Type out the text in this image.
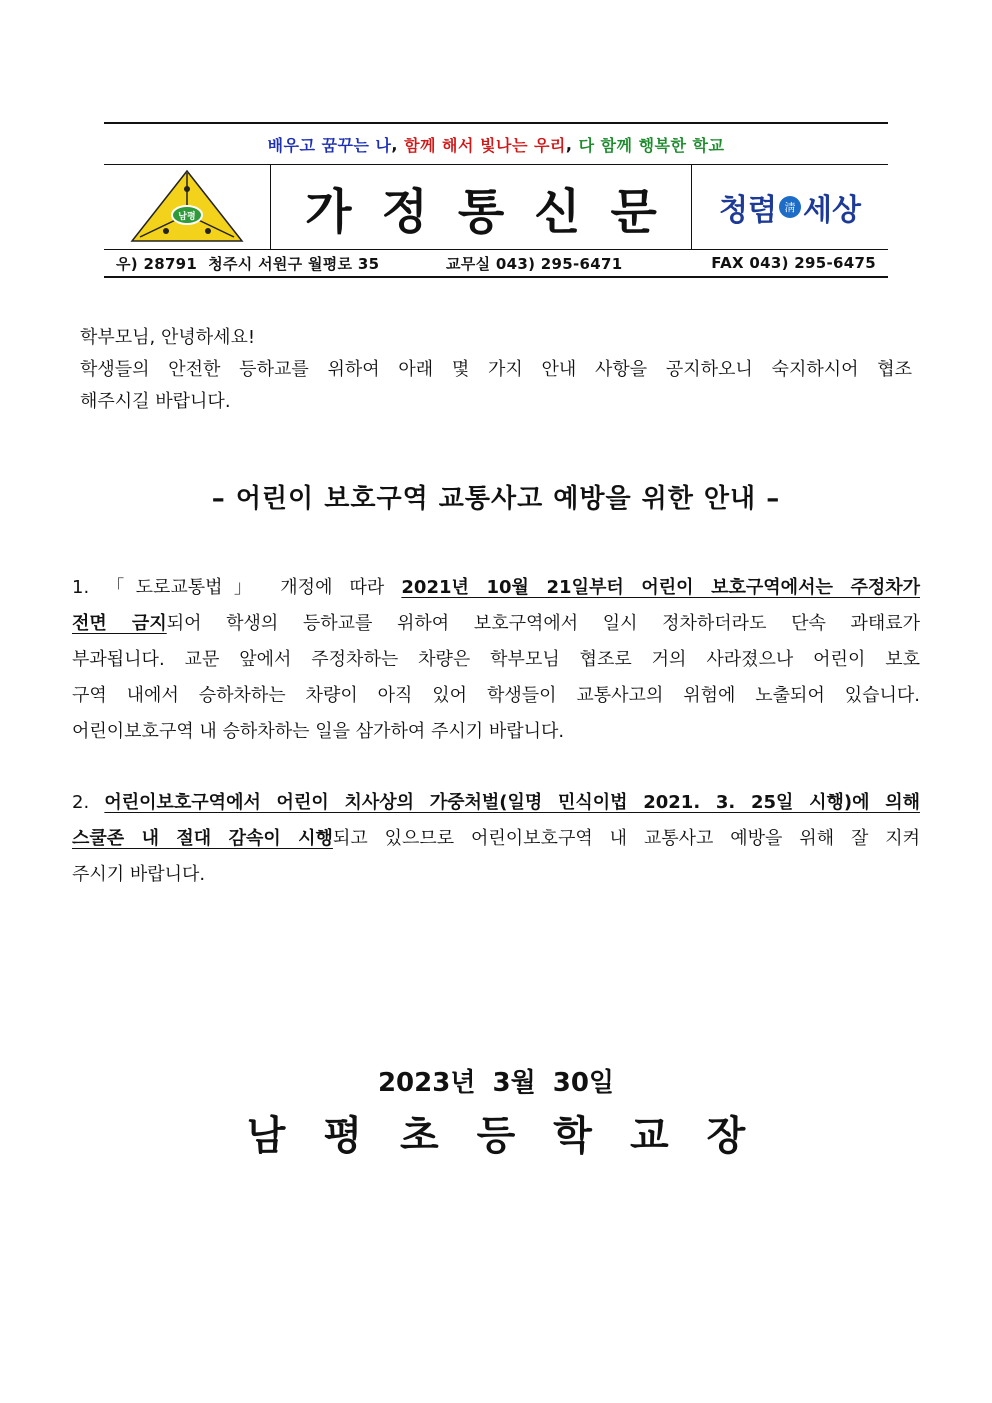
배우고 꿈꾸는 나 , 함께 해서 빛나는 우리 , 다 함께 행복한 학교
남평	가정통신문 청렴 淸 세상
우) 28791  청주시 서원구 월평로 35	교무실 043) 295-6471	FAX 043) 295-6475

학부모님, 안녕하세요!

학생들의 안전한 등하교를 위하여 아래 몇 가지 안내 사항을 공지하오니 숙지하시어 협조

해주시길 바랍니다.

– 어린이 보호구역 교통사고 예방을 위한 안내 –

1. 「도로교통법」 개정에 따라 2021년 10월 21일부터 어린이 보호구역에서는 주정차가

전면 금지되어 학생의 등하교를 위하여 보호구역에서 일시 정차하더라도 단속 과태료가

부과됩니다. 교문 앞에서 주정차하는 차량은 학부모님 협조로 거의 사라졌으나 어린이 보호

구역 내에서 승하차하는 차량이 아직 있어 학생들이 교통사고의 위험에 노출되어 있습니다.

어린이보호구역 내 승하차하는 일을 삼가하여 주시기 바랍니다.

2. 어린이보호구역에서 어린이 치사상의 가중처벌(일명 민식이법 2021. 3. 25일 시행)에 의해

스쿨존 내 절대 감속이 시행되고 있으므로 어린이보호구역 내 교통사고 예방을 위해 잘 지켜

주시기 바랍니다.

2023년 3월 30일
남평초등학교장
